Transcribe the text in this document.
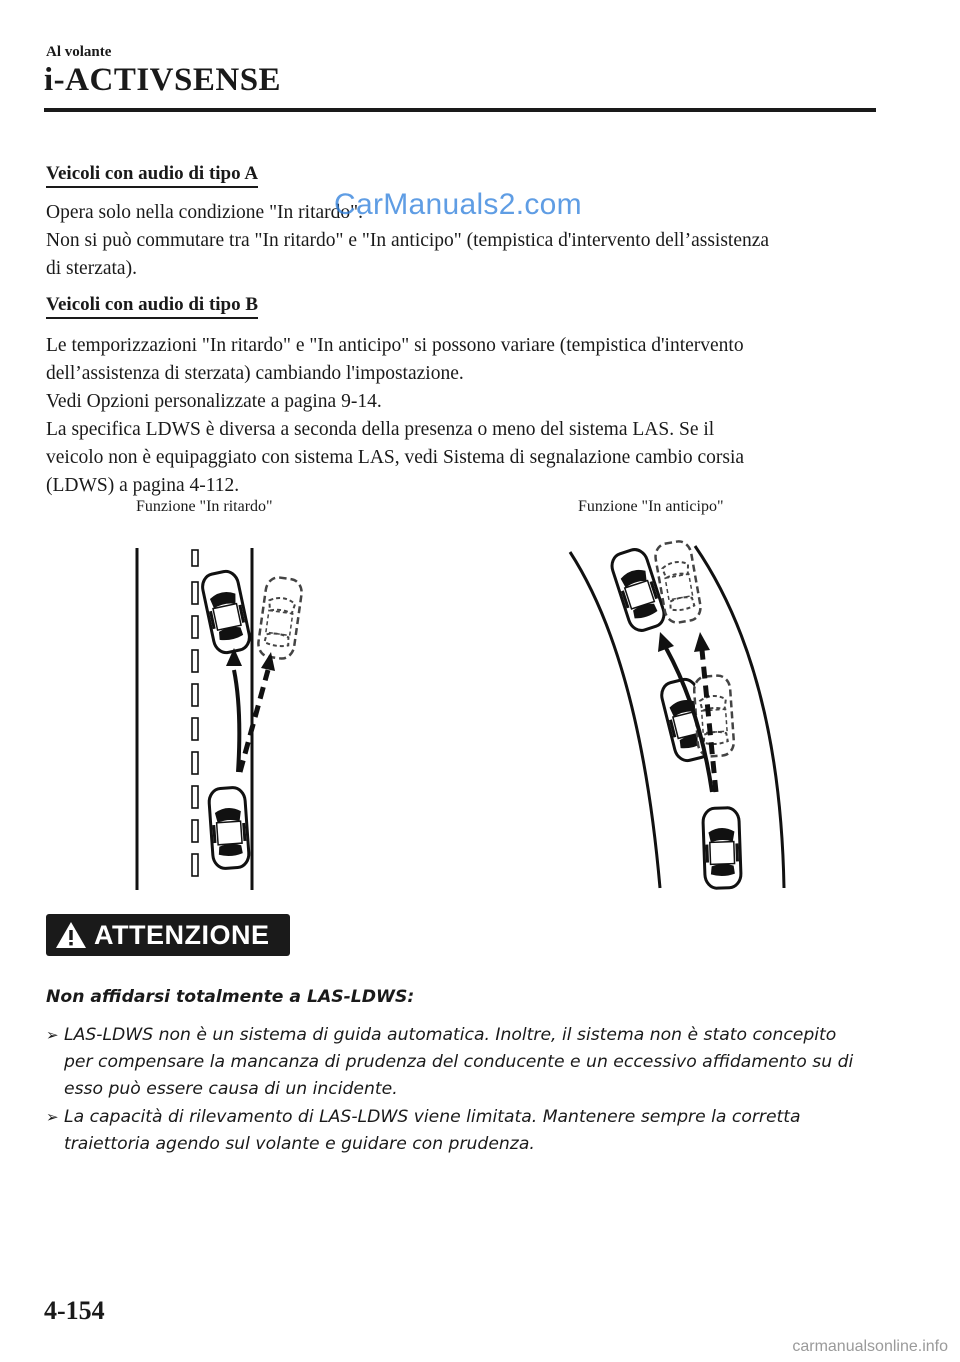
Al volante
i-ACTIVSENSE
Veicoli con audio di tipo A

Opera solo nella condizione "In ritardo".

Non si può commutare tra "In ritardo" e "In anticipo" (tempistica d'intervento dell’assistenza

di sterzata).

CarManuals2.com
Veicoli con audio di tipo B

Le temporizzazioni "In ritardo" e "In anticipo" si possono variare (tempistica d'intervento

dell’assistenza di sterzata) cambiando l'impostazione.

Vedi Opzioni personalizzate a pagina 9-14.

La specifica LDWS è diversa a seconda della presenza o meno del sistema LAS. Se il

veicolo non è equipaggiato con sistema LAS, vedi Sistema di segnalazione cambio corsia

(LDWS) a pagina 4-112.

Funzione "In ritardo"	Funzione "In anticipo"
ATTENZIONE
Non affidarsi totalmente a LAS-LDWS:
➢ LAS-LDWS non è un sistema di guida automatica. Inoltre, il sistema non è stato concepito
per compensare la mancanza di prudenza del conducente e un eccessivo affidamento su di
esso può essere causa di un incidente.
➢ La capacità di rilevamento di LAS-LDWS viene limitata. Mantenere sempre la corretta
traiettoria agendo sul volante e guidare con prudenza.
4-154
carmanualsonline.info
